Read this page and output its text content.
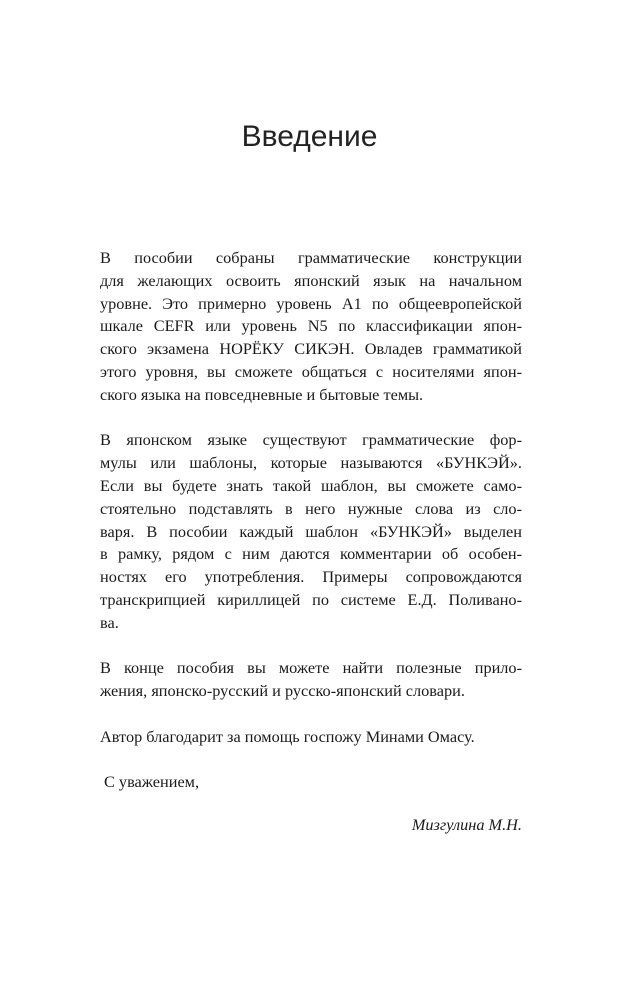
Введение
В пособии собраны грамматические конструкции
для желающих освоить японский язык на начальном
уровне. Это примерно уровень A1 по общеевропейской
шкале CEFR или уровень N5 по классификации япон-
ского экзамена НОРЁКУ СИКЭН. Овладев грамматикой
этого уровня, вы сможете общаться с носителями япон-
ского языка на повседневные и бытовые темы.
В японском языке существуют грамматические фор-
мулы или шаблоны, которые называются «БУНКЭЙ».
Если вы будете знать такой шаблон, вы сможете само-
стоятельно подставлять в него нужные слова из сло-
варя. В пособии каждый шаблон «БУНКЭЙ» выделен
в рамку, рядом с ним даются комментарии об особен-
ностях его употребления. Примеры сопровождаются
транскрипцией кириллицей по системе Е.Д. Поливано-
ва.
В конце пособия вы можете найти полезные прило-
жения, японско-русский и русско-японский словари.
Автор благодарит за помощь госпожу Минами Омасу.
С уважением,
Мизгулина М.Н.
